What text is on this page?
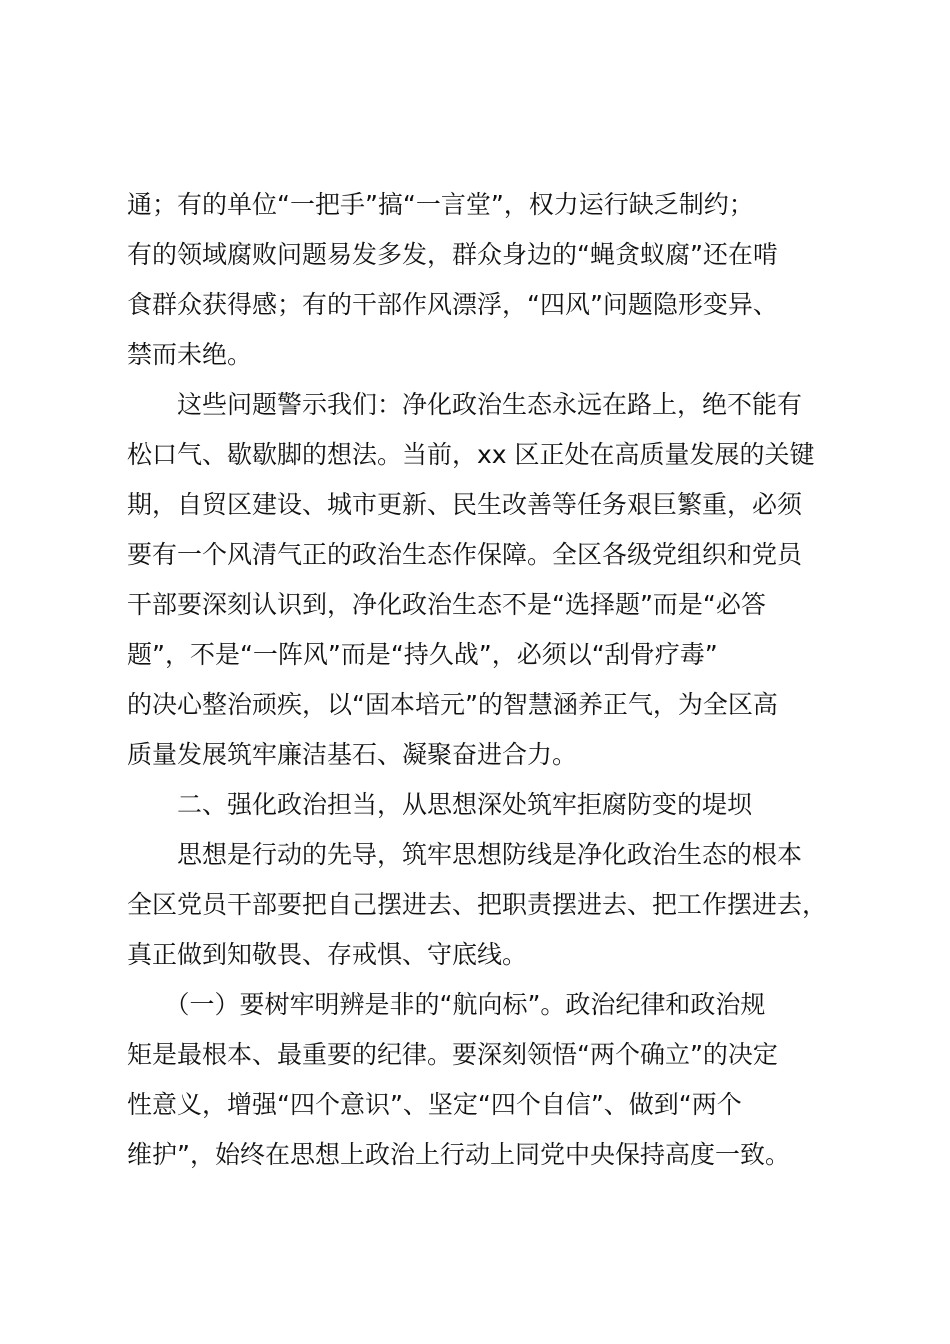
通；有的单位“一把手”搞“一言堂”，权力运行缺乏制约；
有的领域腐败问题易发多发，群众身边的“蝇贪蚁腐”还在啃
食群众获得感；有的干部作风漂浮，“四风”问题隐形变异、
禁而未绝。
　　这些问题警示我们：净化政治生态永远在路上，绝不能有
松口气、歇歇脚的想法。当前，xx 区正处在高质量发展的关键
期，自贸区建设、城市更新、民生改善等任务艰巨繁重，必须
要有一个风清气正的政治生态作保障。全区各级党组织和党员
干部要深刻认识到，净化政治生态不是“选择题”而是“必答
题”，不是“一阵风”而是“持久战”，必须以“刮骨疗毒”
的决心整治顽疾，以“固本培元”的智慧涵养正气，为全区高
质量发展筑牢廉洁基石、凝聚奋进合力。
　　二、强化政治担当，从思想深处筑牢拒腐防变的堤坝
　　思想是行动的先导，筑牢思想防线是净化政治生态的根本
全区党员干部要把自己摆进去、把职责摆进去、把工作摆进去，
真正做到知敬畏、存戒惧、守底线。
　　（一）要树牢明辨是非的“航向标”。政治纪律和政治规
矩是最根本、最重要的纪律。要深刻领悟“两个确立”的决定
性意义，增强“四个意识”、坚定“四个自信”、做到“两个
维护”，始终在思想上政治上行动上同党中央保持高度一致。
